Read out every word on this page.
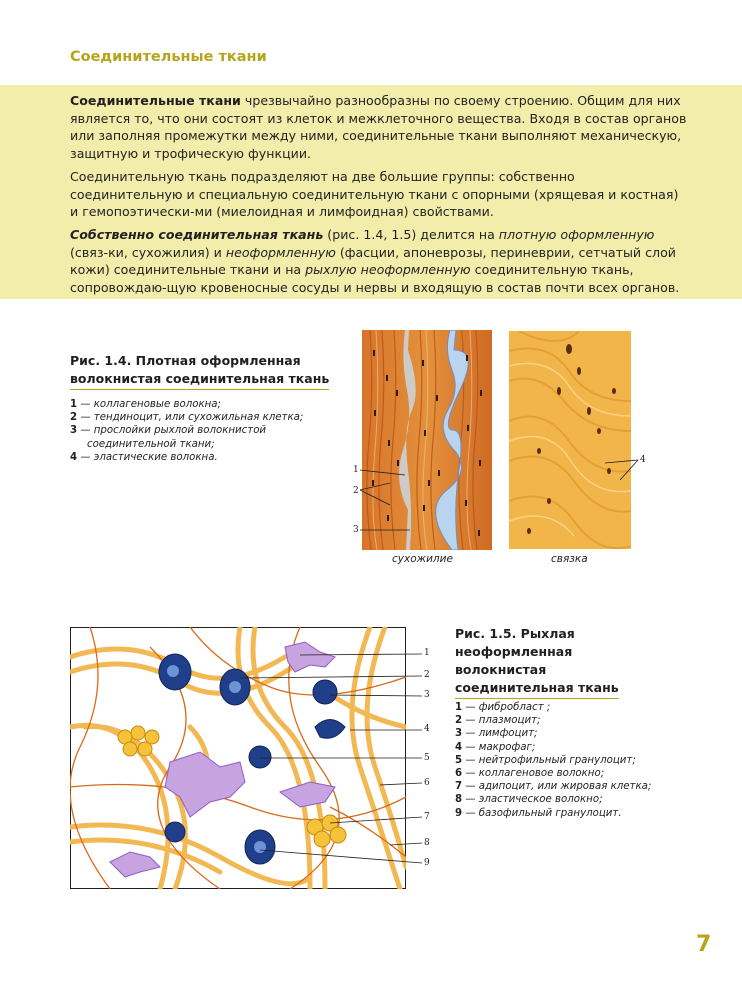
Соединительные ткани

Соединительные ткани чрезвычайно разнообразны по своему строению. Общим для них является то, что они состоят из клеток и межклеточного вещества. Входя в состав органов или заполняя промежутки между ними, соединительные ткани выполняют механическую, защитную и трофическую функции.

Соединительную ткань подразделяют на две большие группы: собственно соединительную и специальную соединительную ткани с опорными (хрящевая и костная) и гемопоэтически-ми (миелоидная и лимфоидная) свойствами.

Собственно соединительная ткань (рис. 1.4, 1.5) делится на плотную оформленную (связ-ки, сухожилия) и неоформленную (фасции, апоневрозы, периневрии, сетчатый слой кожи) соединительные ткани и на рыхлую неоформленную соединительную ткань, сопровождаю-щую кровеносные сосуды и нервы и входящую в состав почти всех органов.

Рис. 1.4. Плотная оформленная
волокнистая соединительная ткань
1 — коллагеновые волокна;
2 — тендиноцит, или сухожильная клетка;
3 — прослойки рыхлой волокнистой
соединительной ткани;
4 — эластические волокна.
1
2
3
4
сухожилие	связка
1
2
3
4
5
6
7
8
9
Рис. 1.5. Рыхлая
неоформленная
волокнистая
соединительная ткань
1 — фибробласт ;
2 — плазмоцит;
3 — лимфоцит;
4 — макрофаг;
5 — нейтрофильный гранулоцит;
6 — коллагеновое волокно;
7 — адипоцит, или жировая клетка;
8 — эластическое волокно;
9 — базофильный гранулоцит.
7
